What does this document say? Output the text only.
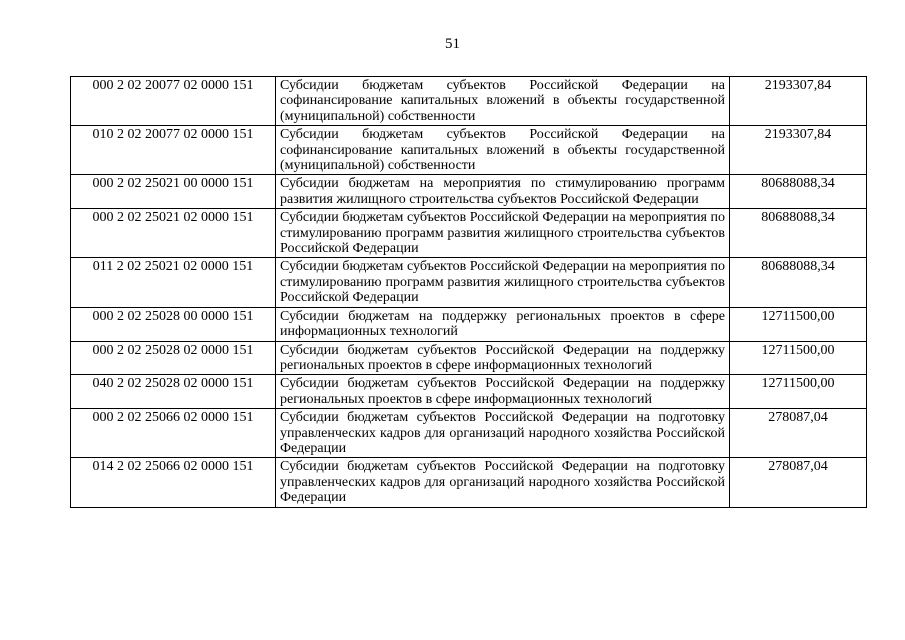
51
000 2 02 20077 02 0000 151	Субсидии бюджетам субъектов Российской Федерации на софинансирование капитальных вложений в объекты государственной (муниципальной) собственности	2193307,84
010 2 02 20077 02 0000 151	Субсидии бюджетам субъектов Российской Федерации на софинансирование капитальных вложений в объекты государственной (муниципальной) собственности	2193307,84
000 2 02 25021 00 0000 151	Субсидии бюджетам на мероприятия по стимулированию программ развития жилищного строительства субъектов Российской Федерации	80688088,34
000 2 02 25021 02 0000 151	Субсидии бюджетам субъектов Российской Федерации на мероприятия по стимулированию программ развития жилищного строительства субъектов Российской Федерации	80688088,34
011 2 02 25021 02 0000 151	Субсидии бюджетам субъектов Российской Федерации на мероприятия по стимулированию программ развития жилищного строительства субъектов Российской Федерации	80688088,34
000 2 02 25028 00 0000 151	Субсидии бюджетам на поддержку региональных проектов в сфере информационных технологий	12711500,00
000 2 02 25028 02 0000 151	Субсидии бюджетам субъектов Российской Федерации на поддержку региональных проектов в сфере информационных технологий	12711500,00
040 2 02 25028 02 0000 151	Субсидии бюджетам субъектов Российской Федерации на поддержку региональных проектов в сфере информационных технологий	12711500,00
000 2 02 25066 02 0000 151	Субсидии бюджетам субъектов Российской Федерации на подготовку управленческих кадров для организаций народного хозяйства Российской Федерации	278087,04
014 2 02 25066 02 0000 151	Субсидии бюджетам субъектов Российской Федерации на подготовку управленческих кадров для организаций народного хозяйства Российской Федерации	278087,04
